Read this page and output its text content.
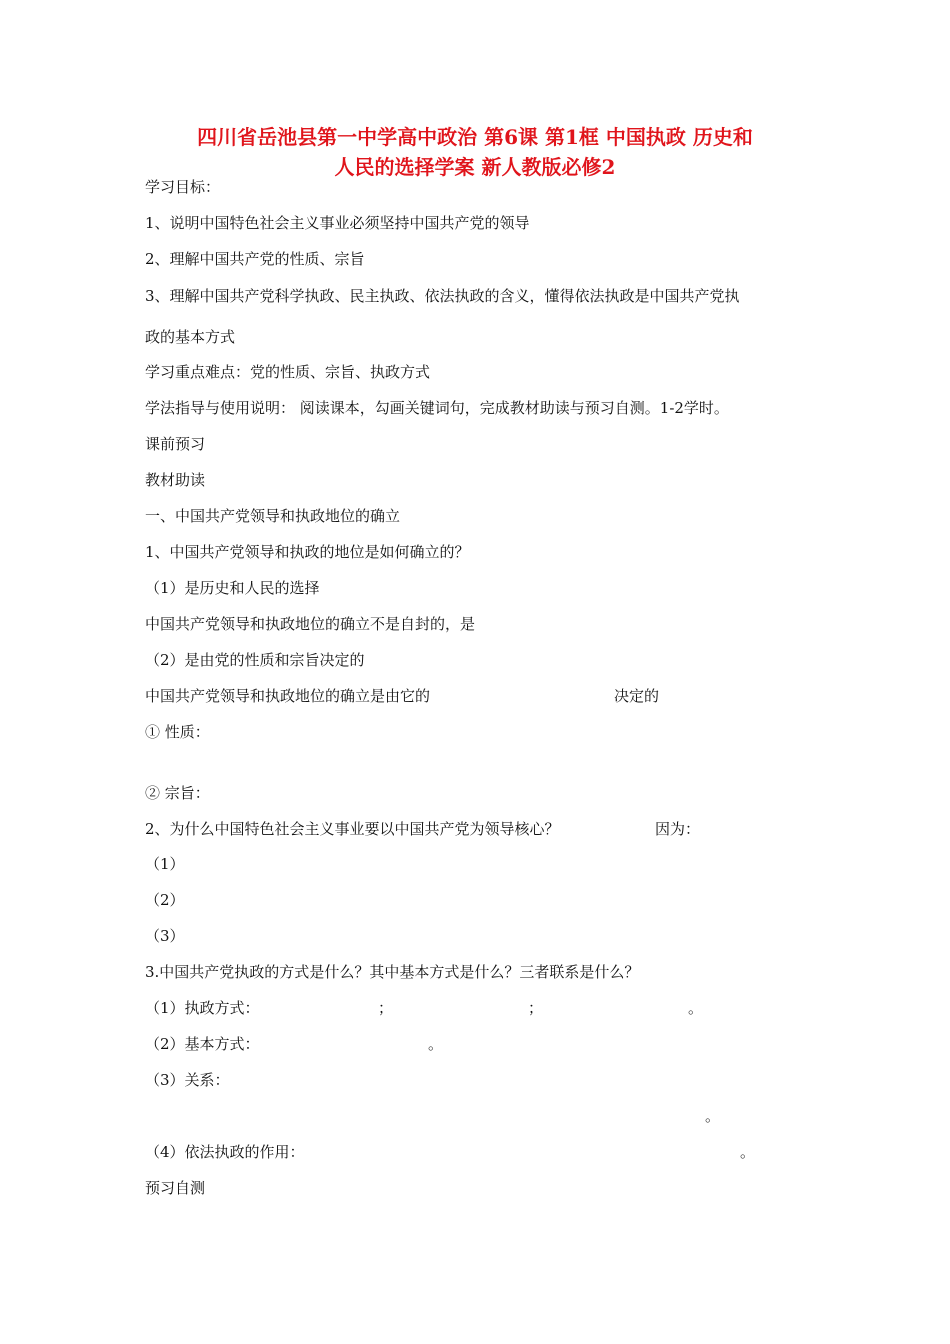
四川省岳池县第一中学高中政治 第6课 第1框 中国执政 历史和
人民的选择学案 新人教版必修2
学习目标：
1、说明中国特色社会主义事业必须坚持中国共产党的领导
2、理解中国共产党的性质、宗旨
3、理解中国共产党科学执政、民主执政、依法执政的含义，懂得依法执政是中国共产党执
政的基本方式
学习重点难点：党的性质、宗旨、执政方式
学法指导与使用说明： 阅读课本，勾画关键词句，完成教材助读与预习自测。1-2学时。
课前预习
教材助读
一、中国共产党领导和执政地位的确立
1、中国共产党领导和执政的地位是如何确立的？
（1）是历史和人民的选择
中国共产党领导和执政地位的确立不是自封的，是
（2）是由党的性质和宗旨决定的
中国共产党领导和执政地位的确立是由它的	决定的
① 性质：
② 宗旨：
2、为什么中国特色社会主义事业要以中国共产党为领导核心？	因为：
（1）
（2）
（3）
3.中国共产党执政的方式是什么？其中基本方式是什么？三者联系是什么？
（1）执政方式：	；	；	。
（2）基本方式：	。
（3）关系：
。
（4）依法执政的作用：	。
预习自测
